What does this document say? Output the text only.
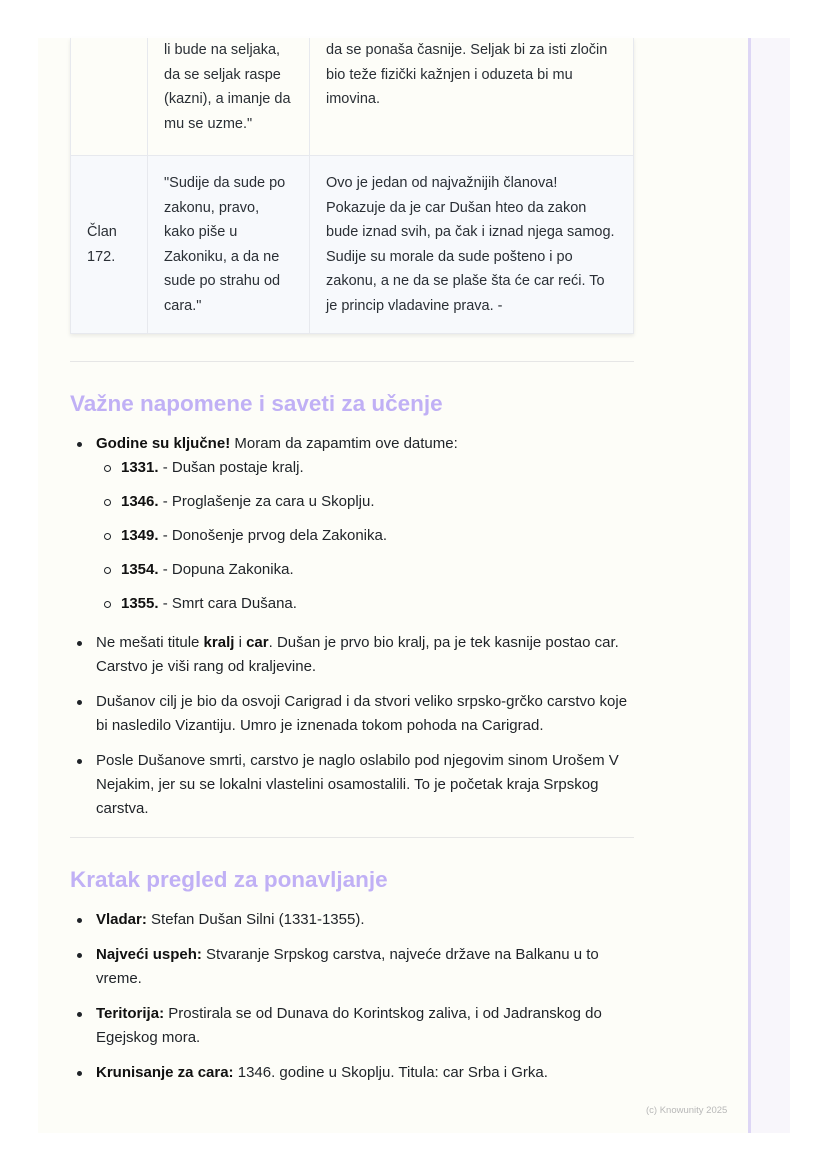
	li bude na seljaka, da se seljak raspe (kazni), a imanje da mu se uzme."	da se ponaša časnije. Seljak bi za isti zločin bio teže fizički kažnjen i oduzeta bi mu imovina.
Član 172.	"Sudije da sude po zakonu, pravo, kako piše u Zakoniku, a da ne sude po strahu od cara."	Ovo je jedan od najvažnijih članova! Pokazuje da je car Dušan hteo da zakon bude iznad svih, pa čak i iznad njega samog. Sudije su morale da sude pošteno i po zakonu, a ne da se plaše šta će car reći. To je princip vladavine prava. -
Važne napomene i saveti za učenje
Godine su ključne! Moram da zapamtim ove datume:
1331. - Dušan postaje kralj.
1346. - Proglašenje za cara u Skoplju.
1349. - Donošenje prvog dela Zakonika.
1354. - Dopuna Zakonika.
1355. - Smrt cara Dušana.
Ne mešati titule kralj i car. Dušan je prvo bio kralj, pa je tek kasnije postao car. Carstvo je viši rang od kraljevine.
Dušanov cilj je bio da osvoji Carigrad i da stvori veliko srpsko-grčko carstvo koje bi nasledilo Vizantiju. Umro je iznenada tokom pohoda na Carigrad.
Posle Dušanove smrti, carstvo je naglo oslabilo pod njegovim sinom Urošem V Nejakim, jer su se lokalni vlastelini osamostalili. To je početak kraja Srpskog carstva.
Kratak pregled za ponavljanje
Vladar: Stefan Dušan Silni (1331-1355).
Najveći uspeh: Stvaranje Srpskog carstva, najveće države na Balkanu u to vreme.
Teritorija: Prostirala se od Dunava do Korintskog zaliva, i od Jadranskog do Egejskog mora.
Krunisanje za cara: 1346. godine u Skoplju. Titula: car Srba i Grka.
(c) Knowunity 2025
